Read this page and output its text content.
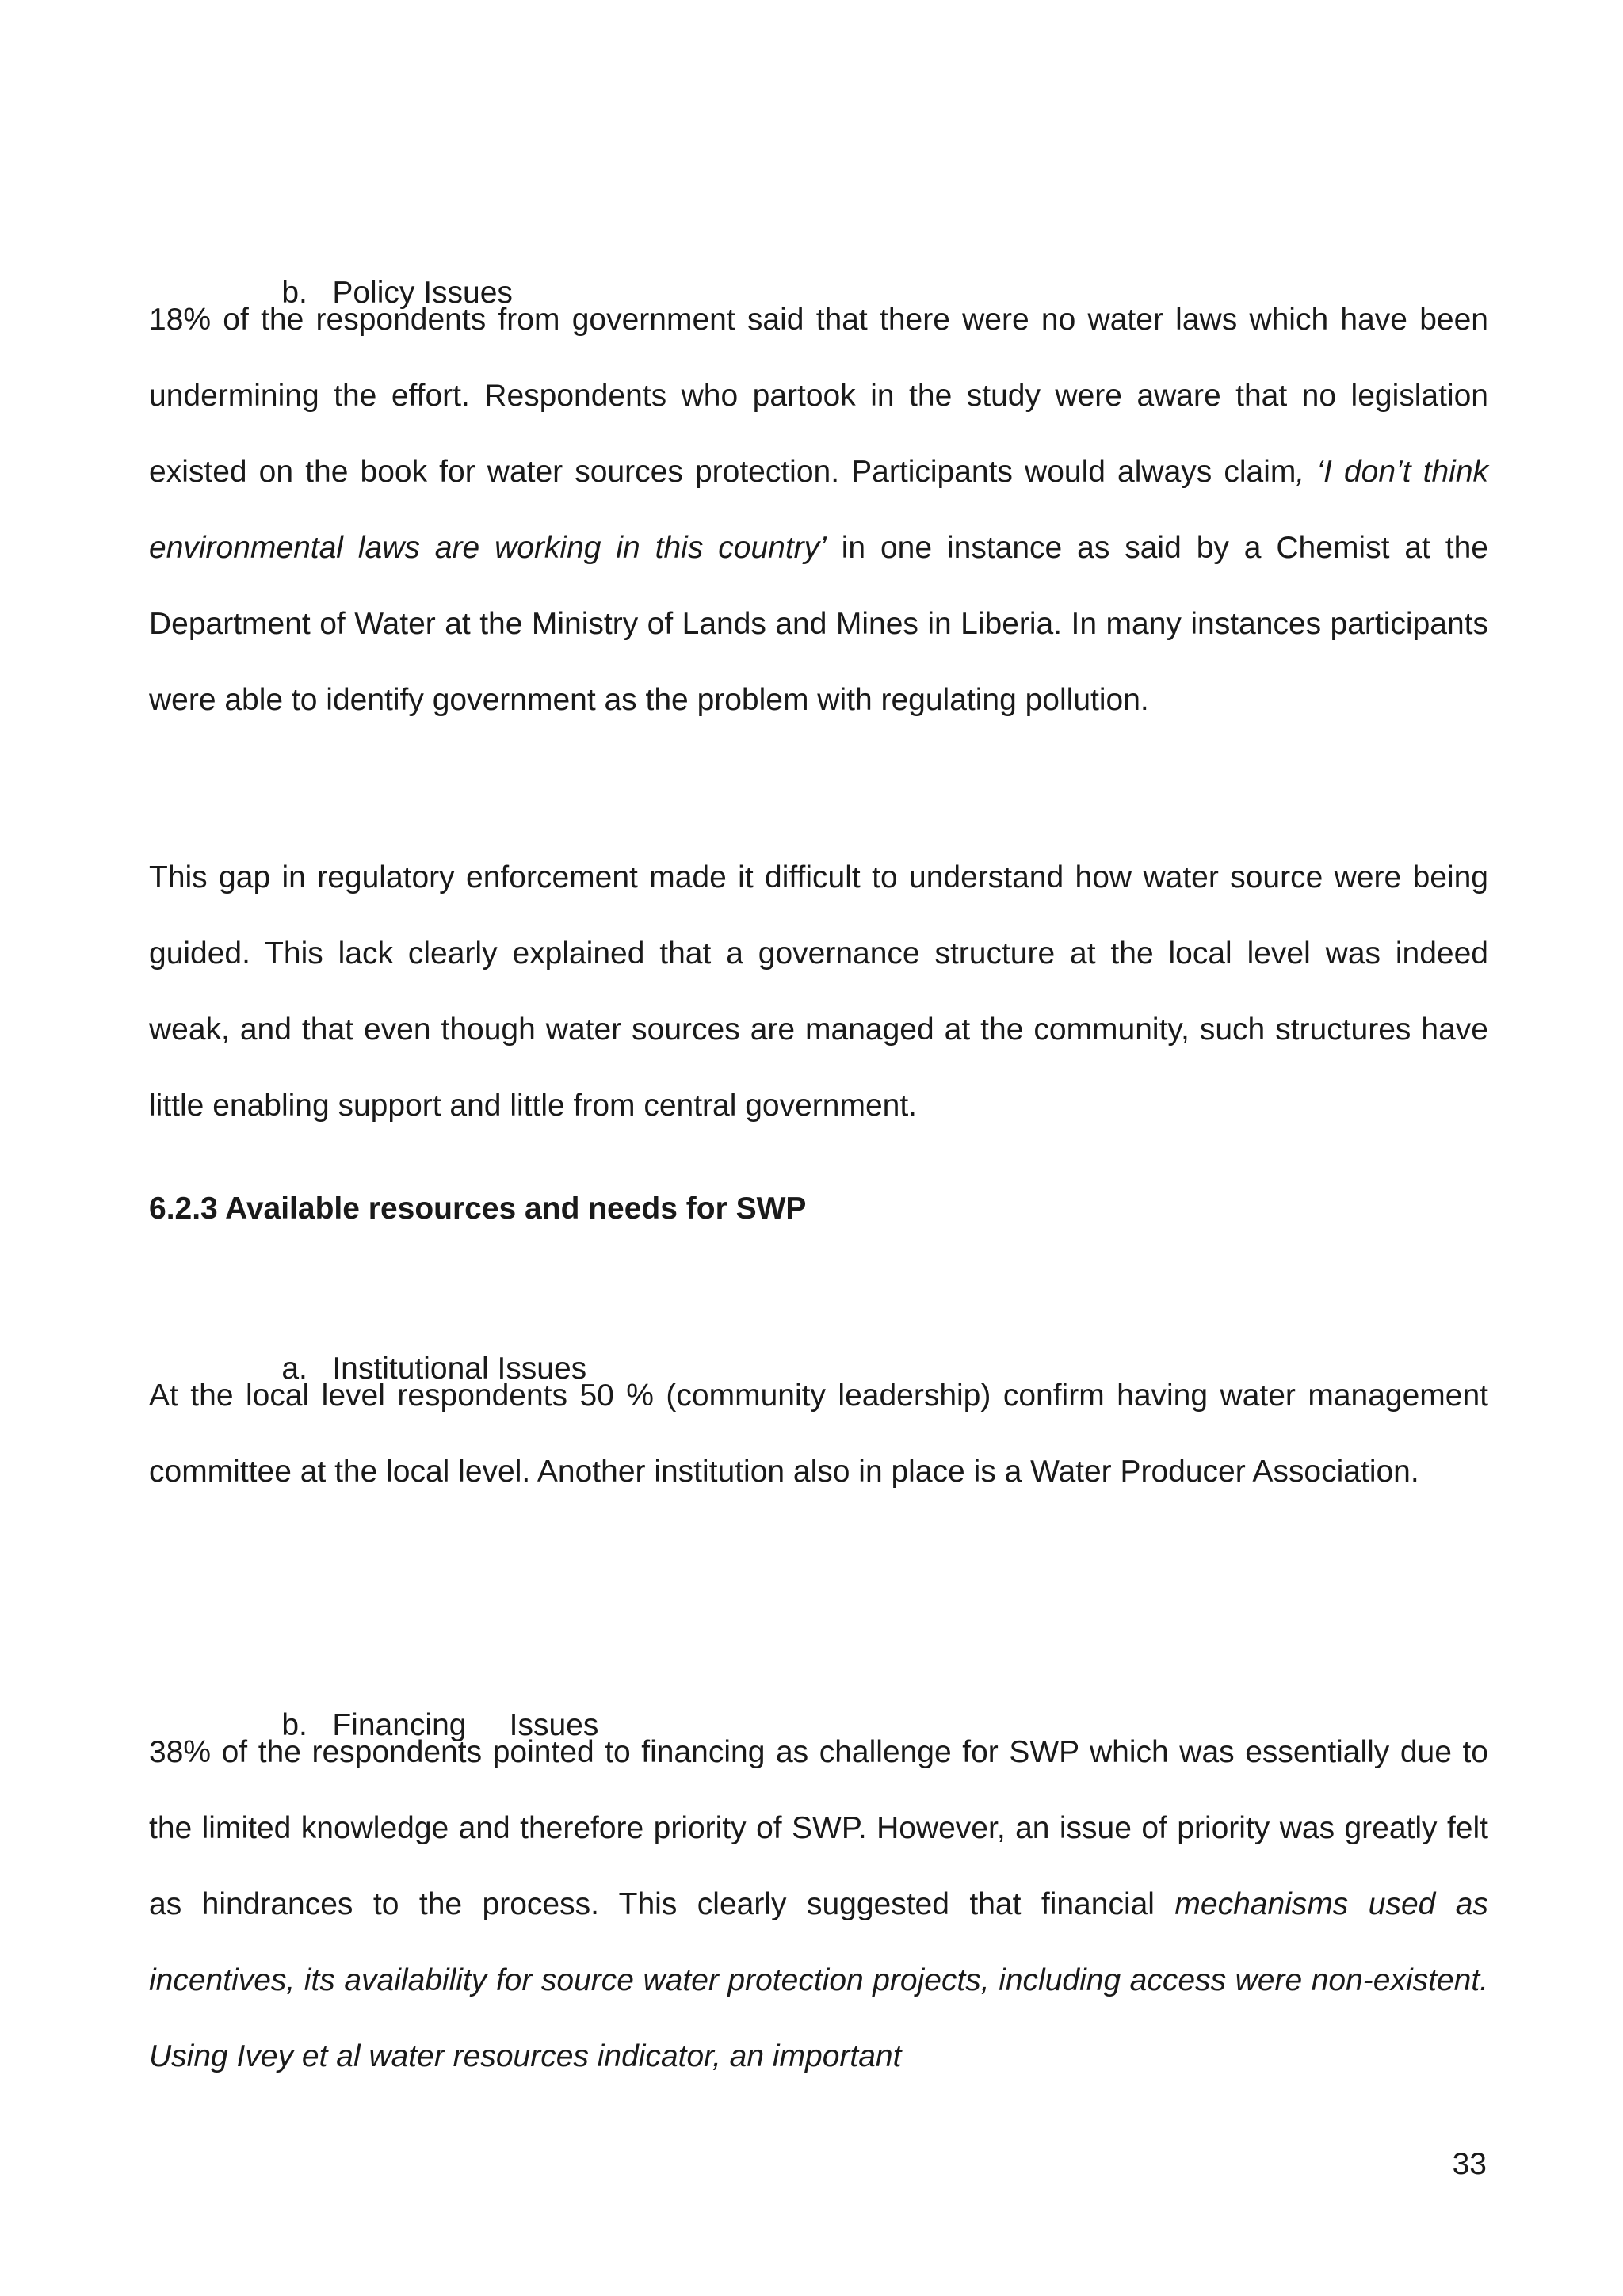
b. Policy Issues

18% of the respondents from government said that there were no water laws which have been undermining the effort. Respondents who partook in the study were aware that no legislation existed on the book for water sources protection. Participants would always claim, ‘I don’t think environmental laws are working in this country’ in one instance as said by a Chemist at the Department of Water at the Ministry of Lands and Mines in Liberia. In many instances participants were able to identify government as the problem with regulating pollution.

This gap in regulatory enforcement made it difficult to understand how water source were being guided. This lack clearly explained that a governance structure at the local level was indeed weak, and that even though water sources are managed at the community, such structures have little enabling support and little from central government.

6.2.3 Available resources and needs for SWP

a. Institutional Issues

At the local level respondents 50 % (community leadership) confirm having water management committee at the local level. Another institution also in place is a Water Producer Association.

b. Financing     Issues

38% of the respondents pointed to financing as challenge for SWP which was essentially due to the limited knowledge and therefore priority of SWP. However, an issue of priority was greatly felt as hindrances to the process. This clearly suggested that financial mechanisms used as incentives, its availability for source water protection projects, including access were non-existent. Using Ivey et al water resources indicator, an important

33
